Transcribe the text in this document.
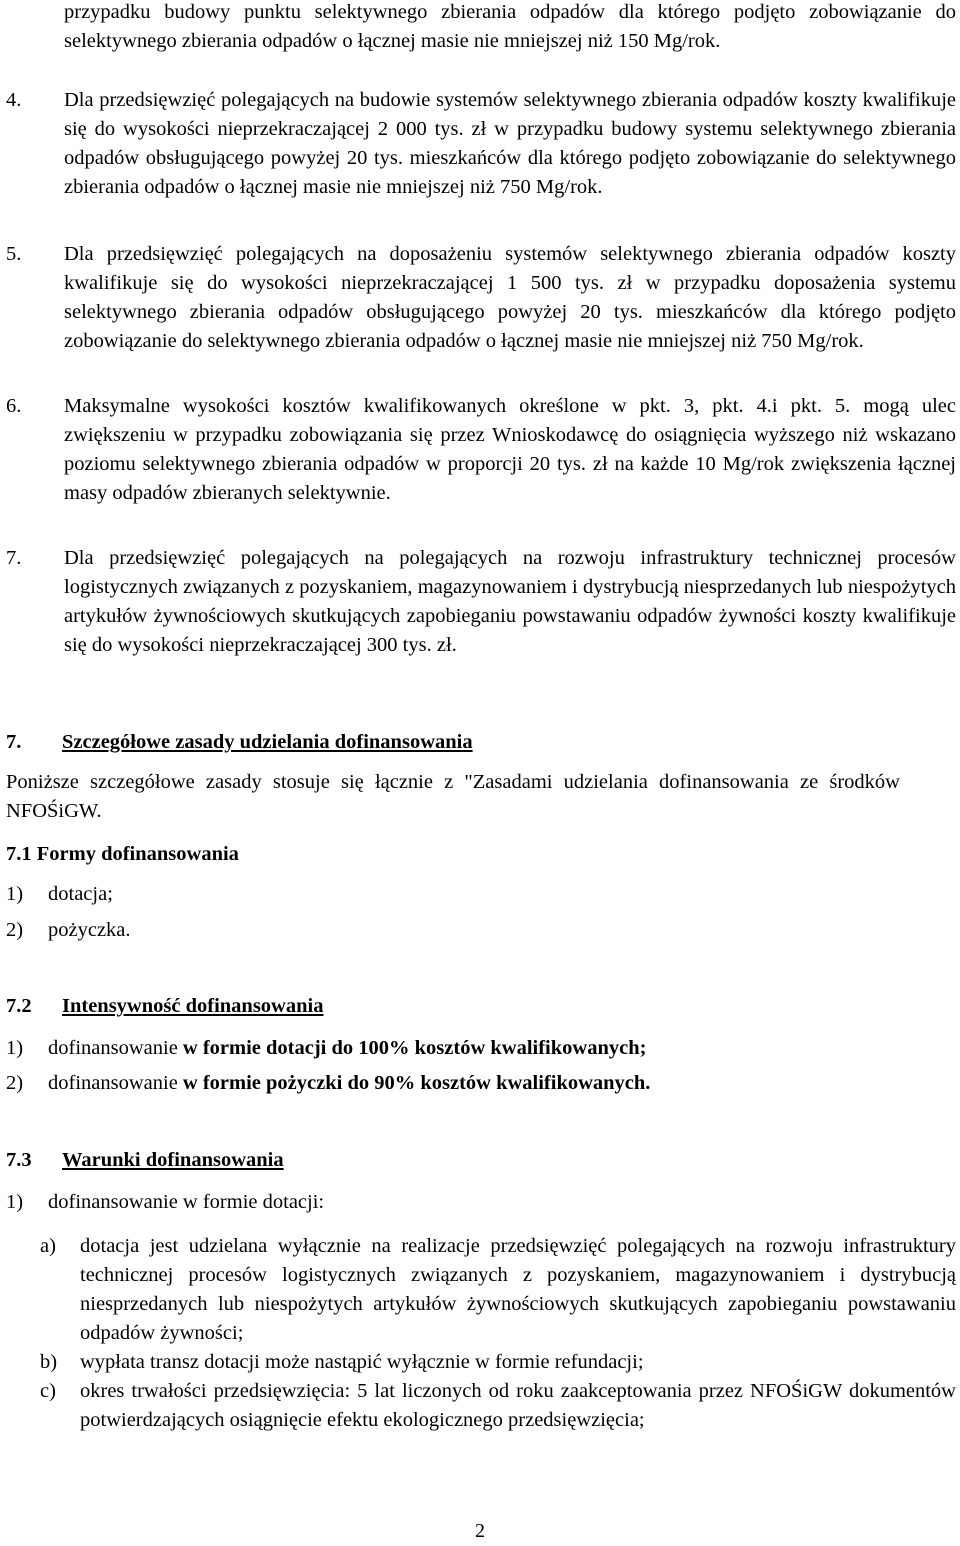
przypadku budowy punktu selektywnego zbierania odpadów dla którego podjęto zobowiązanie do selektywnego zbierania odpadów o łącznej masie nie mniejszej niż 150 Mg/rok.
4.	Dla przedsięwzięć polegających na budowie systemów selektywnego zbierania odpadów koszty kwalifikuje się do wysokości nieprzekraczającej 2 000 tys. zł w przypadku budowy systemu selektywnego zbierania odpadów obsługującego powyżej 20 tys. mieszkańców dla którego podjęto zobowiązanie do selektywnego zbierania odpadów o łącznej masie nie mniejszej niż 750 Mg/rok.
5.	Dla przedsięwzięć polegających na doposażeniu systemów selektywnego zbierania odpadów koszty kwalifikuje się do wysokości nieprzekraczającej 1 500 tys. zł w przypadku doposażenia systemu selektywnego zbierania odpadów obsługującego powyżej 20 tys. mieszkańców dla którego podjęto zobowiązanie do selektywnego zbierania odpadów o łącznej masie nie mniejszej niż 750 Mg/rok.
6.	Maksymalne wysokości kosztów kwalifikowanych określone w pkt. 3, pkt. 4.i pkt. 5. mogą ulec zwiększeniu w przypadku zobowiązania się przez Wnioskodawcę do osiągnięcia wyższego niż wskazano poziomu selektywnego zbierania odpadów w proporcji 20 tys. zł na każde 10 Mg/rok zwiększenia łącznej masy odpadów zbieranych selektywnie.
7.	Dla przedsięwzięć polegających na polegających na rozwoju infrastruktury technicznej procesów logistycznych związanych z pozyskaniem, magazynowaniem i dystrybucją niesprzedanych lub niespożytych artykułów żywnościowych skutkujących zapobieganiu powstawaniu odpadów żywności koszty kwalifikuje się do wysokości nieprzekraczającej 300 tys. zł.
7. Szczegółowe zasady udzielania dofinansowania
Poniższe szczegółowe zasady stosuje się łącznie z "Zasadami udzielania dofinansowania ze środków NFOŚiGW.
7.1 Formy dofinansowania
1) dotacja;
2) pożyczka.
7.2 Intensywność dofinansowania
1) dofinansowanie w formie dotacji do 100% kosztów kwalifikowanych;
2) dofinansowanie w formie pożyczki do 90% kosztów kwalifikowanych.
7.3 Warunki dofinansowania
1) dofinansowanie w formie dotacji:
a)	dotacja jest udzielana wyłącznie na realizacje przedsięwzięć polegających na rozwoju infrastruktury technicznej procesów logistycznych związanych z pozyskaniem, magazynowaniem i dystrybucją niesprzedanych lub niespożytych artykułów żywnościowych skutkujących zapobieganiu powstawaniu odpadów żywności;
b)	wypłata transz dotacji może nastąpić wyłącznie w formie refundacji;
c)	okres trwałości przedsięwzięcia: 5 lat liczonych od roku zaakceptowania przez NFOŚiGW dokumentów potwierdzających osiągnięcie efektu ekologicznego przedsięwzięcia;
2
